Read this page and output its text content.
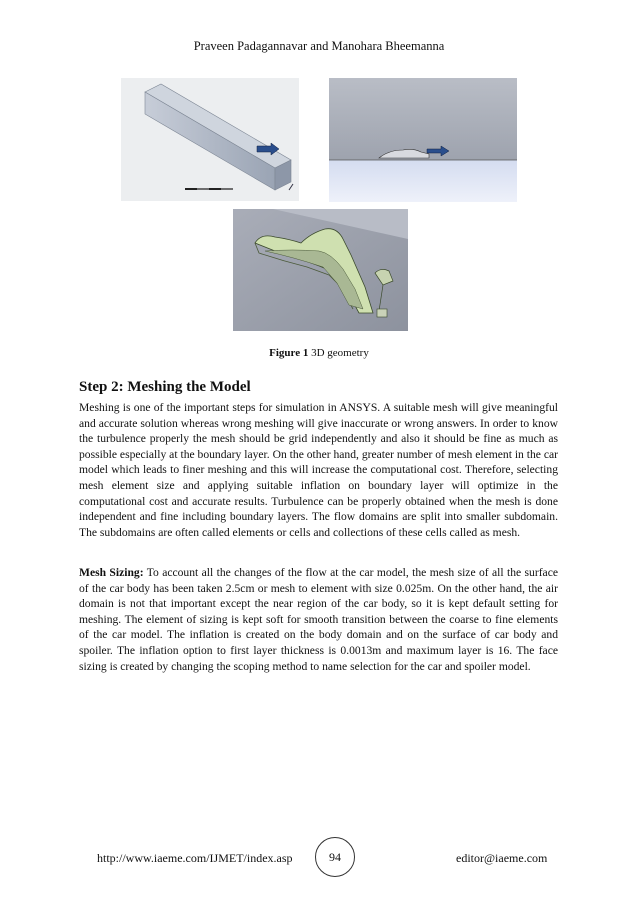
Praveen Padagannavar and Manohara Bheemanna
Figure 1 3D geometry
Step 2: Meshing the Model

Meshing is one of the important steps for simulation in ANSYS. A suitable mesh will give meaningful and accurate solution whereas wrong meshing will give inaccurate or wrong answers. In order to know the turbulence properly the mesh should be grid independently and also it should be fine as much as possible especially at the boundary layer. On the other hand, greater number of mesh element in the car model which leads to finer meshing and this will increase the computational cost. Therefore, selecting mesh element size and applying suitable inflation on boundary layer will optimize in the computational cost and accurate results. Turbulence can be properly obtained when the mesh is done independent and fine including boundary layers. The flow domains are split into smaller subdomain. The subdomains are often called elements or cells and collections of these cells called as mesh.

Mesh Sizing: To account all the changes of the flow at the car model, the mesh size of all the surface of the car body has been taken 2.5cm or mesh to element with size 0.025m. On the other hand, the air domain is not that important except the near region of the car body, so it is kept default setting for meshing. The element of sizing is kept soft for smooth transition between the coarse to fine elements of the car model. The inflation is created on the body domain and on the surface of car body and spoiler. The inflation option to first layer thickness is 0.0013m and maximum layer is 16. The face sizing is created by changing the scoping method to name selection for the car and spoiler model.

http://www.iaeme.com/IJMET/index.asp	94	editor@iaeme.com
